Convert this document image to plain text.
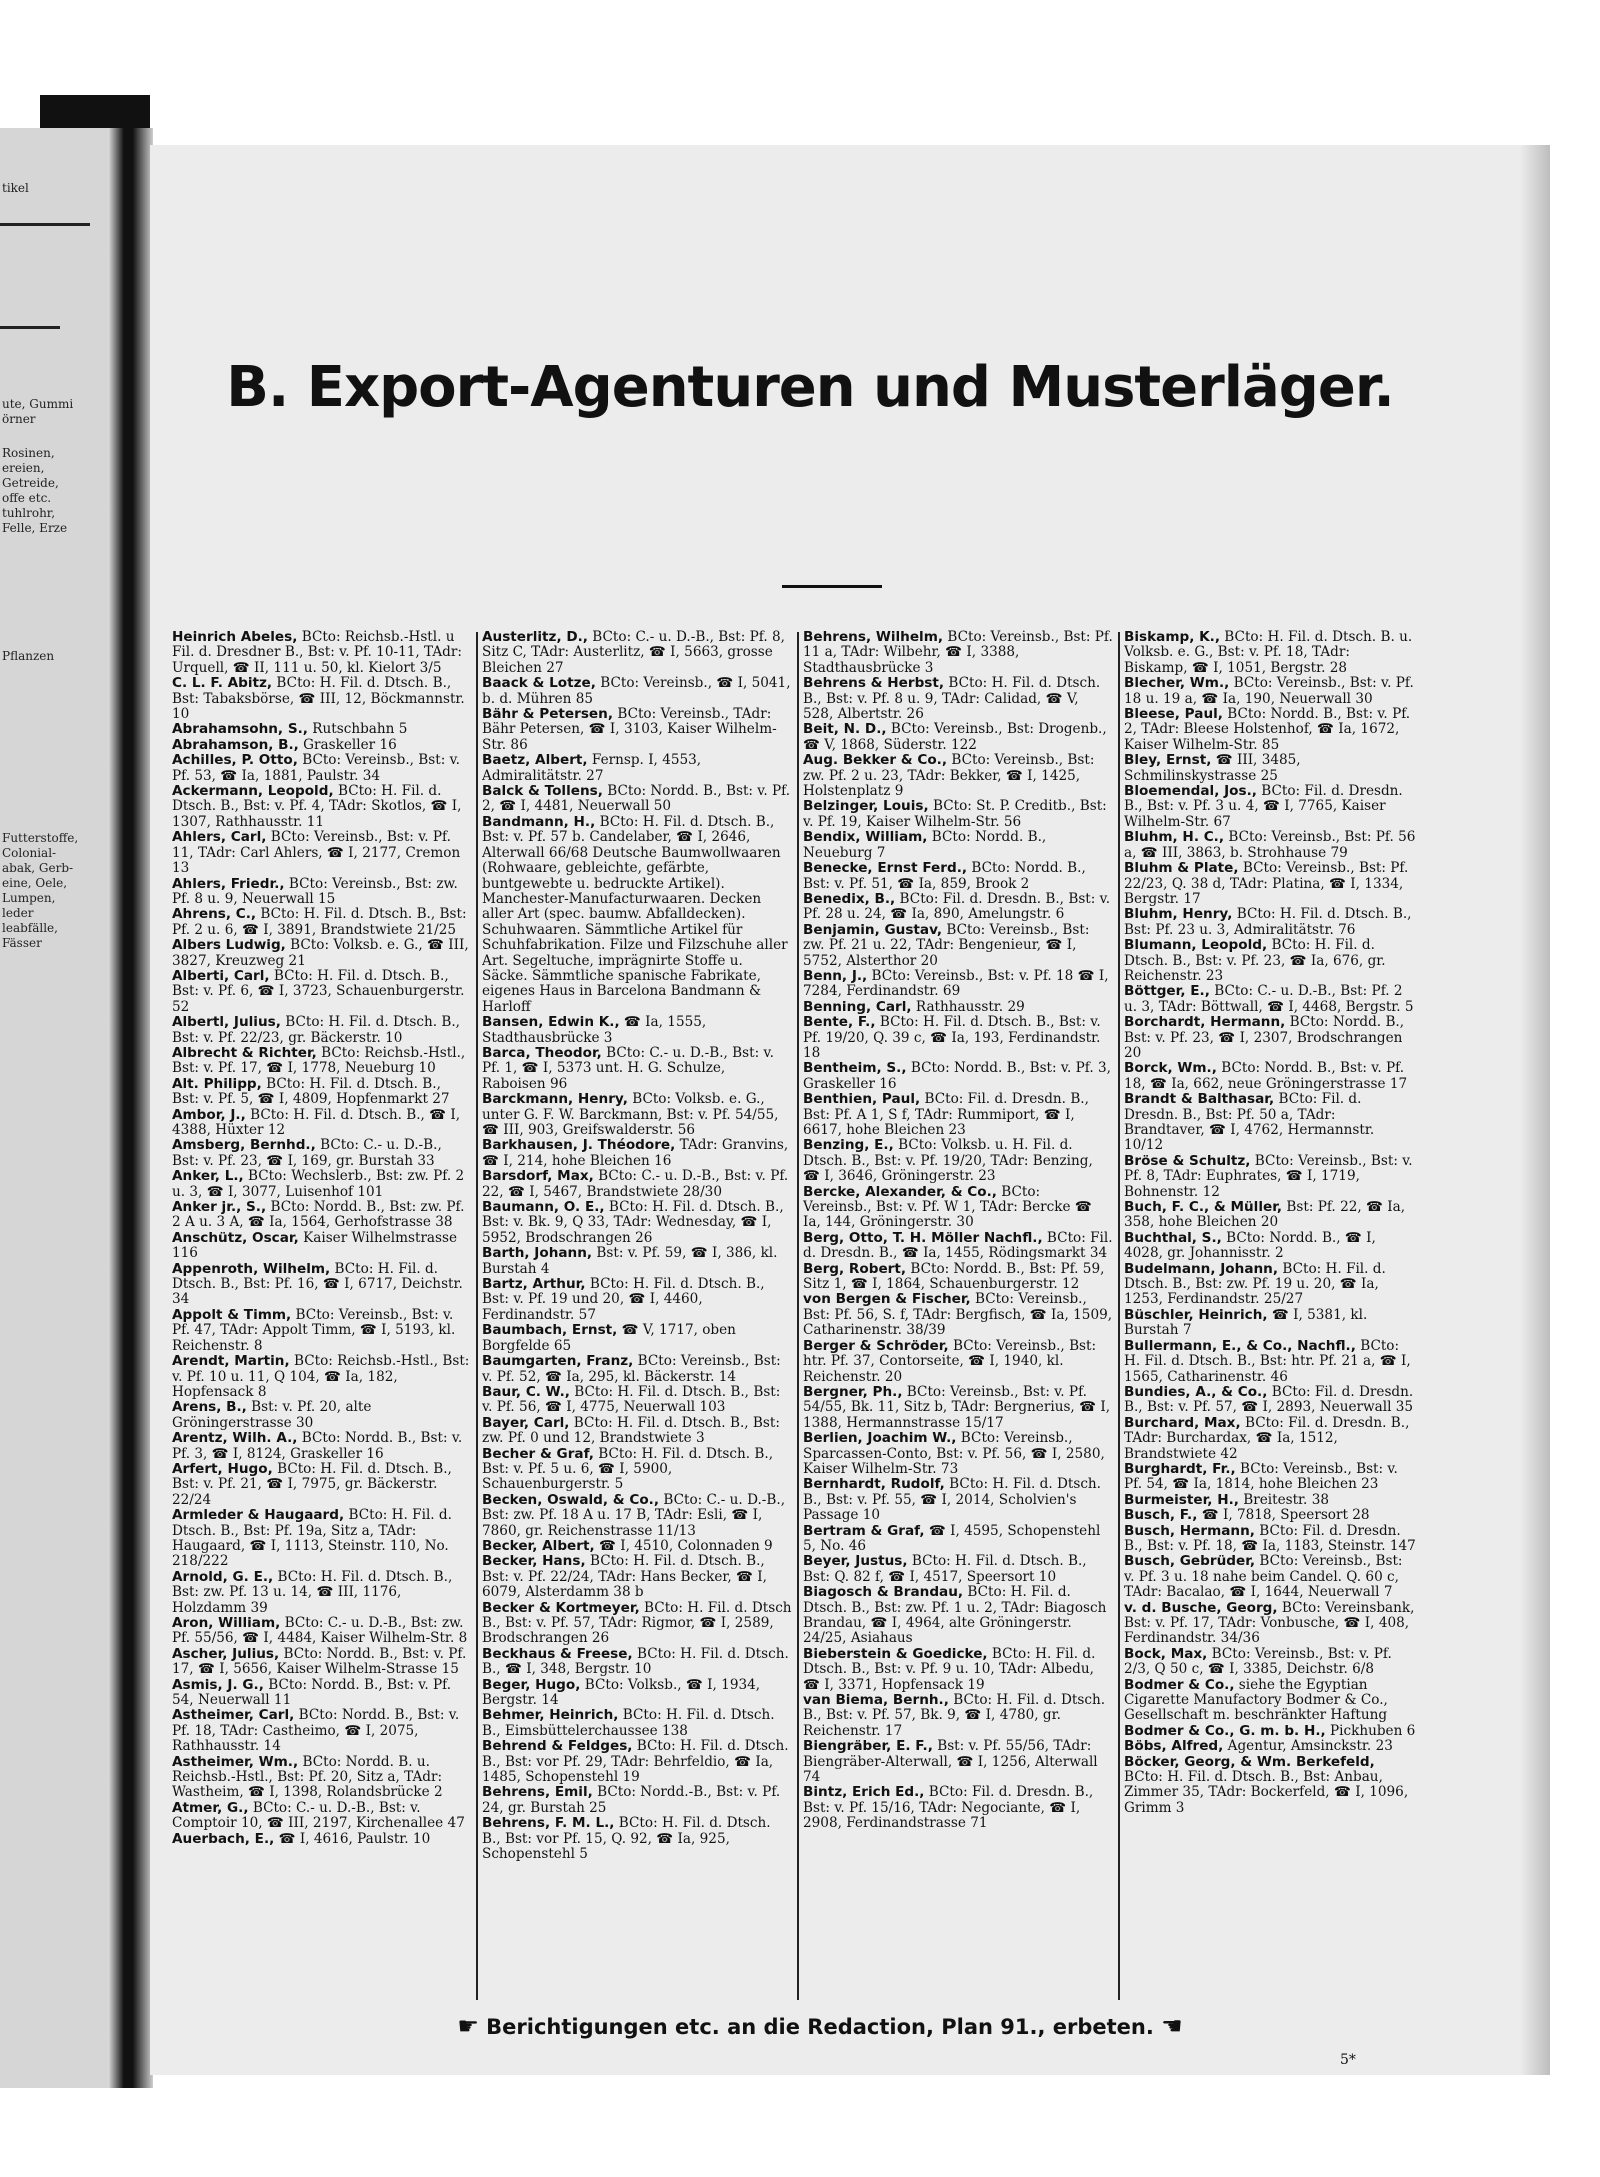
tikel
ute, Gummi
örner
Rosinen,
ereien,
Getreide,
offe etc.
tuhlrohr,
Felle, Erze
Pflanzen
Futterstoffe,
Colonial-
abak, Gerb-
eine, Oele,
Lumpen,
leder
leabfälle,
Fässer
B. Export-Agenturen und Musterläger.
Heinrich Abeles, BCto: Reichsb.-Hstl. u Fil. d. Dresdner B., Bst: v. Pf. 10-11, TAdr: Urquell, ☎ II, 111 u. 50, kl. Kielort 3/5
C. L. F. Abitz, BCto: H. Fil. d. Dtsch. B., Bst: Tabaksbörse, ☎ III, 12, Böckmannstr. 10
Abrahamsohn, S., Rutschbahn 5
Abrahamson, B., Graskeller 16
Achilles, P. Otto, BCto: Vereinsb., Bst: v. Pf. 53, ☎ Ia, 1881, Paulstr. 34
Ackermann, Leopold, BCto: H. Fil. d. Dtsch. B., Bst: v. Pf. 4, TAdr: Skotlos, ☎ I, 1307, Rathhausstr. 11
Ahlers, Carl, BCto: Vereinsb., Bst: v. Pf. 11, TAdr: Carl Ahlers, ☎ I, 2177, Cremon 13
Ahlers, Friedr., BCto: Vereinsb., Bst: zw. Pf. 8 u. 9, Neuerwall 15
Ahrens, C., BCto: H. Fil. d. Dtsch. B., Bst: Pf. 2 u. 6, ☎ I, 3891, Brandstwiete 21/25
Albers Ludwig, BCto: Volksb. e. G., ☎ III, 3827, Kreuzweg 21
Alberti, Carl, BCto: H. Fil. d. Dtsch. B., Bst: v. Pf. 6, ☎ I, 3723, Schauenburgerstr. 52
Albertl, Julius, BCto: H. Fil. d. Dtsch. B., Bst: v. Pf. 22/23, gr. Bäckerstr. 10
Albrecht & Richter, BCto: Reichsb.-Hstl., Bst: v. Pf. 17, ☎ I, 1778, Neueburg 10
Alt. Philipp, BCto: H. Fil. d. Dtsch. B., Bst: v. Pf. 5, ☎ I, 4809, Hopfenmarkt 27
Ambor, J., BCto: H. Fil. d. Dtsch. B., ☎ I, 4388, Hüxter 12
Amsberg, Bernhd., BCto: C.- u. D.-B., Bst: v. Pf. 23, ☎ I, 169, gr. Burstah 33
Anker, L., BCto: Wechslerb., Bst: zw. Pf. 2 u. 3, ☎ I, 3077, Luisenhof 101
Anker jr., S., BCto: Nordd. B., Bst: zw. Pf. 2 A u. 3 A, ☎ Ia, 1564, Gerhofstrasse 38
Anschütz, Oscar, Kaiser Wilhelmstrasse 116
Appenroth, Wilhelm, BCto: H. Fil. d. Dtsch. B., Bst: Pf. 16, ☎ I, 6717, Deichstr. 34
Appolt & Timm, BCto: Vereinsb., Bst: v. Pf. 47, TAdr: Appolt Timm, ☎ I, 5193, kl. Reichenstr. 8
Arendt, Martin, BCto: Reichsb.-Hstl., Bst: v. Pf. 10 u. 11, Q 104, ☎ Ia, 182, Hopfensack 8
Arens, B., Bst: v. Pf. 20, alte Gröningerstrasse 30
Arentz, Wilh. A., BCto: Nordd. B., Bst: v. Pf. 3, ☎ I, 8124, Graskeller 16
Arfert, Hugo, BCto: H. Fil. d. Dtsch. B., Bst: v. Pf. 21, ☎ I, 7975, gr. Bäckerstr. 22/24
Armleder & Haugaard, BCto: H. Fil. d. Dtsch. B., Bst: Pf. 19a, Sitz a, TAdr: Haugaard, ☎ I, 1113, Steinstr. 110, No. 218/222
Arnold, G. E., BCto: H. Fil. d. Dtsch. B., Bst: zw. Pf. 13 u. 14, ☎ III, 1176, Holzdamm 39
Aron, William, BCto: C.- u. D.-B., Bst: zw. Pf. 55/56, ☎ I, 4484, Kaiser Wilhelm-Str. 8
Ascher, Julius, BCto: Nordd. B., Bst: v. Pf. 17, ☎ I, 5656, Kaiser Wilhelm-Strasse 15
Asmis, J. G., BCto: Nordd. B., Bst: v. Pf. 54, Neuerwall 11
Astheimer, Carl, BCto: Nordd. B., Bst: v. Pf. 18, TAdr: Castheimo, ☎ I, 2075, Rathhausstr. 14
Astheimer, Wm., BCto: Nordd. B. u. Reichsb.-Hstl., Bst: Pf. 20, Sitz a, TAdr: Wastheim, ☎ I, 1398, Rolandsbrücke 2
Atmer, G., BCto: C.- u. D.-B., Bst: v. Comptoir 10, ☎ III, 2197, Kirchenallee 47
Auerbach, E., ☎ I, 4616, Paulstr. 10
Austerlitz, D., BCto: C.- u. D.-B., Bst: Pf. 8, Sitz C, TAdr: Austerlitz, ☎ I, 5663, grosse Bleichen 27
Baack & Lotze, BCto: Vereinsb., ☎ I, 5041, b. d. Mühren 85
Bähr & Petersen, BCto: Vereinsb., TAdr: Bähr Petersen, ☎ I, 3103, Kaiser Wilhelm-Str. 86
Baetz, Albert, Fernsp. I, 4553, Admiralitätstr. 27
Balck & Tollens, BCto: Nordd. B., Bst: v. Pf. 2, ☎ I, 4481, Neuerwall 50
Bandmann, H., BCto: H. Fil. d. Dtsch. B., Bst: v. Pf. 57 b. Candelaber, ☎ I, 2646, Alterwall 66/68 Deutsche Baumwollwaaren (Rohwaare, gebleichte, gefärbte, buntgewebte u. bedruckte Artikel). Manchester-Manufacturwaaren. Decken aller Art (spec. baumw. Abfalldecken). Schuhwaaren. Sämmtliche Artikel für Schuhfabrikation. Filze und Filzschuhe aller Art. Segeltuche, imprägnirte Stoffe u. Säcke. Sämmtliche spanische Fabrikate, eigenes Haus in Barcelona Bandmann & Harloff
Bansen, Edwin K., ☎ Ia, 1555, Stadthausbrücke 3
Barca, Theodor, BCto: C.- u. D.-B., Bst: v. Pf. 1, ☎ I, 5373 unt. H. G. Schulze, Raboisen 96
Barckmann, Henry, BCto: Volksb. e. G., unter G. F. W. Barckmann, Bst: v. Pf. 54/55, ☎ III, 903, Greifswalderstr. 56
Barkhausen, J. Théodore, TAdr: Granvins, ☎ I, 214, hohe Bleichen 16
Barsdorf, Max, BCto: C.- u. D.-B., Bst: v. Pf. 22, ☎ I, 5467, Brandstwiete 28/30
Baumann, O. E., BCto: H. Fil. d. Dtsch. B., Bst: v. Bk. 9, Q 33, TAdr: Wednesday, ☎ I, 5952, Brodschrangen 26
Barth, Johann, Bst: v. Pf. 59, ☎ I, 386, kl. Burstah 4
Bartz, Arthur, BCto: H. Fil. d. Dtsch. B., Bst: v. Pf. 19 und 20, ☎ I, 4460, Ferdinandstr. 57
Baumbach, Ernst, ☎ V, 1717, oben Borgfelde 65
Baumgarten, Franz, BCto: Vereinsb., Bst: v. Pf. 52, ☎ Ia, 295, kl. Bäckerstr. 14
Baur, C. W., BCto: H. Fil. d. Dtsch. B., Bst: v. Pf. 56, ☎ I, 4775, Neuerwall 103
Bayer, Carl, BCto: H. Fil. d. Dtsch. B., Bst: zw. Pf. 0 und 12, Brandstwiete 3
Becher & Graf, BCto: H. Fil. d. Dtsch. B., Bst: v. Pf. 5 u. 6, ☎ I, 5900, Schauenburgerstr. 5
Becken, Oswald, & Co., BCto: C.- u. D.-B., Bst: zw. Pf. 18 A u. 17 B, TAdr: Esli, ☎ I, 7860, gr. Reichenstrasse 11/13
Becker, Albert, ☎ I, 4510, Colonnaden 9
Becker, Hans, BCto: H. Fil. d. Dtsch. B., Bst: v. Pf. 22/24, TAdr: Hans Becker, ☎ I, 6079, Alsterdamm 38 b
Becker & Kortmeyer, BCto: H. Fil. d. Dtsch B., Bst: v. Pf. 57, TAdr: Rigmor, ☎ I, 2589, Brodschrangen 26
Beckhaus & Freese, BCto: H. Fil. d. Dtsch. B., ☎ I, 348, Bergstr. 10
Beger, Hugo, BCto: Volksb., ☎ I, 1934, Bergstr. 14
Behmer, Heinrich, BCto: H. Fil. d. Dtsch. B., Eimsbüttelerchaussee 138
Behrend & Feldges, BCto: H. Fil. d. Dtsch. B., Bst: vor Pf. 29, TAdr: Behrfeldio, ☎ Ia, 1485, Schopenstehl 19
Behrens, Emil, BCto: Nordd.-B., Bst: v. Pf. 24, gr. Burstah 25
Behrens, F. M. L., BCto: H. Fil. d. Dtsch. B., Bst: vor Pf. 15, Q. 92, ☎ Ia, 925, Schopenstehl 5
Behrens, Wilhelm, BCto: Vereinsb., Bst: Pf. 11 a, TAdr: Wilbehr, ☎ I, 3388, Stadthausbrücke 3
Behrens & Herbst, BCto: H. Fil. d. Dtsch. B., Bst: v. Pf. 8 u. 9, TAdr: Calidad, ☎ V, 528, Albertstr. 26
Beit, N. D., BCto: Vereinsb., Bst: Drogenb., ☎ V, 1868, Süderstr. 122
Aug. Bekker & Co., BCto: Vereinsb., Bst: zw. Pf. 2 u. 23, TAdr: Bekker, ☎ I, 1425, Holstenplatz 9
Belzinger, Louis, BCto: St. P. Creditb., Bst: v. Pf. 19, Kaiser Wilhelm-Str. 56
Bendix, William, BCto: Nordd. B., Neueburg 7
Benecke, Ernst Ferd., BCto: Nordd. B., Bst: v. Pf. 51, ☎ Ia, 859, Brook 2
Benedix, B., BCto: Fil. d. Dresdn. B., Bst: v. Pf. 28 u. 24, ☎ Ia, 890, Amelungstr. 6
Benjamin, Gustav, BCto: Vereinsb., Bst: zw. Pf. 21 u. 22, TAdr: Bengenieur, ☎ I, 5752, Alsterthor 20
Benn, J., BCto: Vereinsb., Bst: v. Pf. 18 ☎ I, 7284, Ferdinandstr. 69
Benning, Carl, Rathhausstr. 29
Bente, F., BCto: H. Fil. d. Dtsch. B., Bst: v. Pf. 19/20, Q. 39 c, ☎ Ia, 193, Ferdinandstr. 18
Bentheim, S., BCto: Nordd. B., Bst: v. Pf. 3, Graskeller 16
Benthien, Paul, BCto: Fil. d. Dresdn. B., Bst: Pf. A 1, S f, TAdr: Rummiport, ☎ I, 6617, hohe Bleichen 23
Benzing, E., BCto: Volksb. u. H. Fil. d. Dtsch. B., Bst: v. Pf. 19/20, TAdr: Benzing, ☎ I, 3646, Gröningerstr. 23
Bercke, Alexander, & Co., BCto: Vereinsb., Bst: v. Pf. W 1, TAdr: Bercke ☎ Ia, 144, Gröningerstr. 30
Berg, Otto, T. H. Möller Nachfl., BCto: Fil. d. Dresdn. B., ☎ Ia, 1455, Rödingsmarkt 34
Berg, Robert, BCto: Nordd. B., Bst: Pf. 59, Sitz 1, ☎ I, 1864, Schauenburgerstr. 12
von Bergen & Fischer, BCto: Vereinsb., Bst: Pf. 56, S. f, TAdr: Bergfisch, ☎ Ia, 1509, Catharinenstr. 38/39
Berger & Schröder, BCto: Vereinsb., Bst: htr. Pf. 37, Contorseite, ☎ I, 1940, kl. Reichenstr. 20
Bergner, Ph., BCto: Vereinsb., Bst: v. Pf. 54/55, Bk. 11, Sitz b, TAdr: Bergnerius, ☎ I, 1388, Hermannstrasse 15/17
Berlien, Joachim W., BCto: Vereinsb., Sparcassen-Conto, Bst: v. Pf. 56, ☎ I, 2580, Kaiser Wilhelm-Str. 73
Bernhardt, Rudolf, BCto: H. Fil. d. Dtsch. B., Bst: v. Pf. 55, ☎ I, 2014, Scholvien's Passage 10
Bertram & Graf, ☎ I, 4595, Schopenstehl 5, No. 46
Beyer, Justus, BCto: H. Fil. d. Dtsch. B., Bst: Q. 82 f, ☎ I, 4517, Speersort 10
Biagosch & Brandau, BCto: H. Fil. d. Dtsch. B., Bst: zw. Pf. 1 u. 2, TAdr: Biagosch Brandau, ☎ I, 4964, alte Gröningerstr. 24/25, Asiahaus
Bieberstein & Goedicke, BCto: H. Fil. d. Dtsch. B., Bst: v. Pf. 9 u. 10, TAdr: Albedu, ☎ I, 3371, Hopfensack 19
van Biema, Bernh., BCto: H. Fil. d. Dtsch. B., Bst: v. Pf. 57, Bk. 9, ☎ I, 4780, gr. Reichenstr. 17
Biengräber, E. F., Bst: v. Pf. 55/56, TAdr: Biengräber-Alterwall, ☎ I, 1256, Alterwall 74
Bintz, Erich Ed., BCto: Fil. d. Dresdn. B., Bst: v. Pf. 15/16, TAdr: Negociante, ☎ I, 2908, Ferdinandstrasse 71
Biskamp, K., BCto: H. Fil. d. Dtsch. B. u. Volksb. e. G., Bst: v. Pf. 18, TAdr: Biskamp, ☎ I, 1051, Bergstr. 28
Blecher, Wm., BCto: Vereinsb., Bst: v. Pf. 18 u. 19 a, ☎ Ia, 190, Neuerwall 30
Bleese, Paul, BCto: Nordd. B., Bst: v. Pf. 2, TAdr: Bleese Holstenhof, ☎ Ia, 1672, Kaiser Wilhelm-Str. 85
Bley, Ernst, ☎ III, 3485, Schmilinskystrasse 25
Bloemendal, Jos., BCto: Fil. d. Dresdn. B., Bst: v. Pf. 3 u. 4, ☎ I, 7765, Kaiser Wilhelm-Str. 67
Bluhm, H. C., BCto: Vereinsb., Bst: Pf. 56 a, ☎ III, 3863, b. Strohhause 79
Bluhm & Plate, BCto: Vereinsb., Bst: Pf. 22/23, Q. 38 d, TAdr: Platina, ☎ I, 1334, Bergstr. 17
Bluhm, Henry, BCto: H. Fil. d. Dtsch. B., Bst: Pf. 23 u. 3, Admiralitätstr. 76
Blumann, Leopold, BCto: H. Fil. d. Dtsch. B., Bst: v. Pf. 23, ☎ Ia, 676, gr. Reichenstr. 23
Böttger, E., BCto: C.- u. D.-B., Bst: Pf. 2 u. 3, TAdr: Böttwall, ☎ I, 4468, Bergstr. 5
Borchardt, Hermann, BCto: Nordd. B., Bst: v. Pf. 23, ☎ I, 2307, Brodschrangen 20
Borck, Wm., BCto: Nordd. B., Bst: v. Pf. 18, ☎ Ia, 662, neue Gröningerstrasse 17
Brandt & Balthasar, BCto: Fil. d. Dresdn. B., Bst: Pf. 50 a, TAdr: Brandtaver, ☎ I, 4762, Hermannstr. 10/12
Bröse & Schultz, BCto: Vereinsb., Bst: v. Pf. 8, TAdr: Euphrates, ☎ I, 1719, Bohnenstr. 12
Buch, F. C., & Müller, Bst: Pf. 22, ☎ Ia, 358, hohe Bleichen 20
Buchthal, S., BCto: Nordd. B., ☎ I, 4028, gr. Johannisstr. 2
Budelmann, Johann, BCto: H. Fil. d. Dtsch. B., Bst: zw. Pf. 19 u. 20, ☎ Ia, 1253, Ferdinandstr. 25/27
Büschler, Heinrich, ☎ I, 5381, kl. Burstah 7
Bullermann, E., & Co., Nachfl., BCto: H. Fil. d. Dtsch. B., Bst: htr. Pf. 21 a, ☎ I, 1565, Catharinenstr. 46
Bundies, A., & Co., BCto: Fil. d. Dresdn. B., Bst: v. Pf. 57, ☎ I, 2893, Neuerwall 35
Burchard, Max, BCto: Fil. d. Dresdn. B., TAdr: Burchardax, ☎ Ia, 1512, Brandstwiete 42
Burghardt, Fr., BCto: Vereinsb., Bst: v. Pf. 54, ☎ Ia, 1814, hohe Bleichen 23
Burmeister, H., Breitestr. 38
Busch, F., ☎ I, 7818, Speersort 28
Busch, Hermann, BCto: Fil. d. Dresdn. B., Bst: v. Pf. 18, ☎ Ia, 1183, Steinstr. 147
Busch, Gebrüder, BCto: Vereinsb., Bst: v. Pf. 3 u. 18 nahe beim Candel. Q. 60 c, TAdr: Bacalao, ☎ I, 1644, Neuerwall 7
v. d. Busche, Georg, BCto: Vereinsbank, Bst: v. Pf. 17, TAdr: Vonbusche, ☎ I, 408, Ferdinandstr. 34/36
Bock, Max, BCto: Vereinsb., Bst: v. Pf. 2/3, Q 50 c, ☎ I, 3385, Deichstr. 6/8
Bodmer & Co., siehe the Egyptian Cigarette Manufactory Bodmer & Co., Gesellschaft m. beschränkter Haftung
Bodmer & Co., G. m. b. H., Pickhuben 6
Böbs, Alfred, Agentur, Amsinckstr. 23
Böcker, Georg, & Wm. Berkefeld, BCto: H. Fil. d. Dtsch. B., Bst: Anbau, Zimmer 35, TAdr: Bockerfeld, ☎ I, 1096, Grimm 3
☛ Berichtigungen etc. an die Redaction, Plan 91., erbeten. ☚
5*
